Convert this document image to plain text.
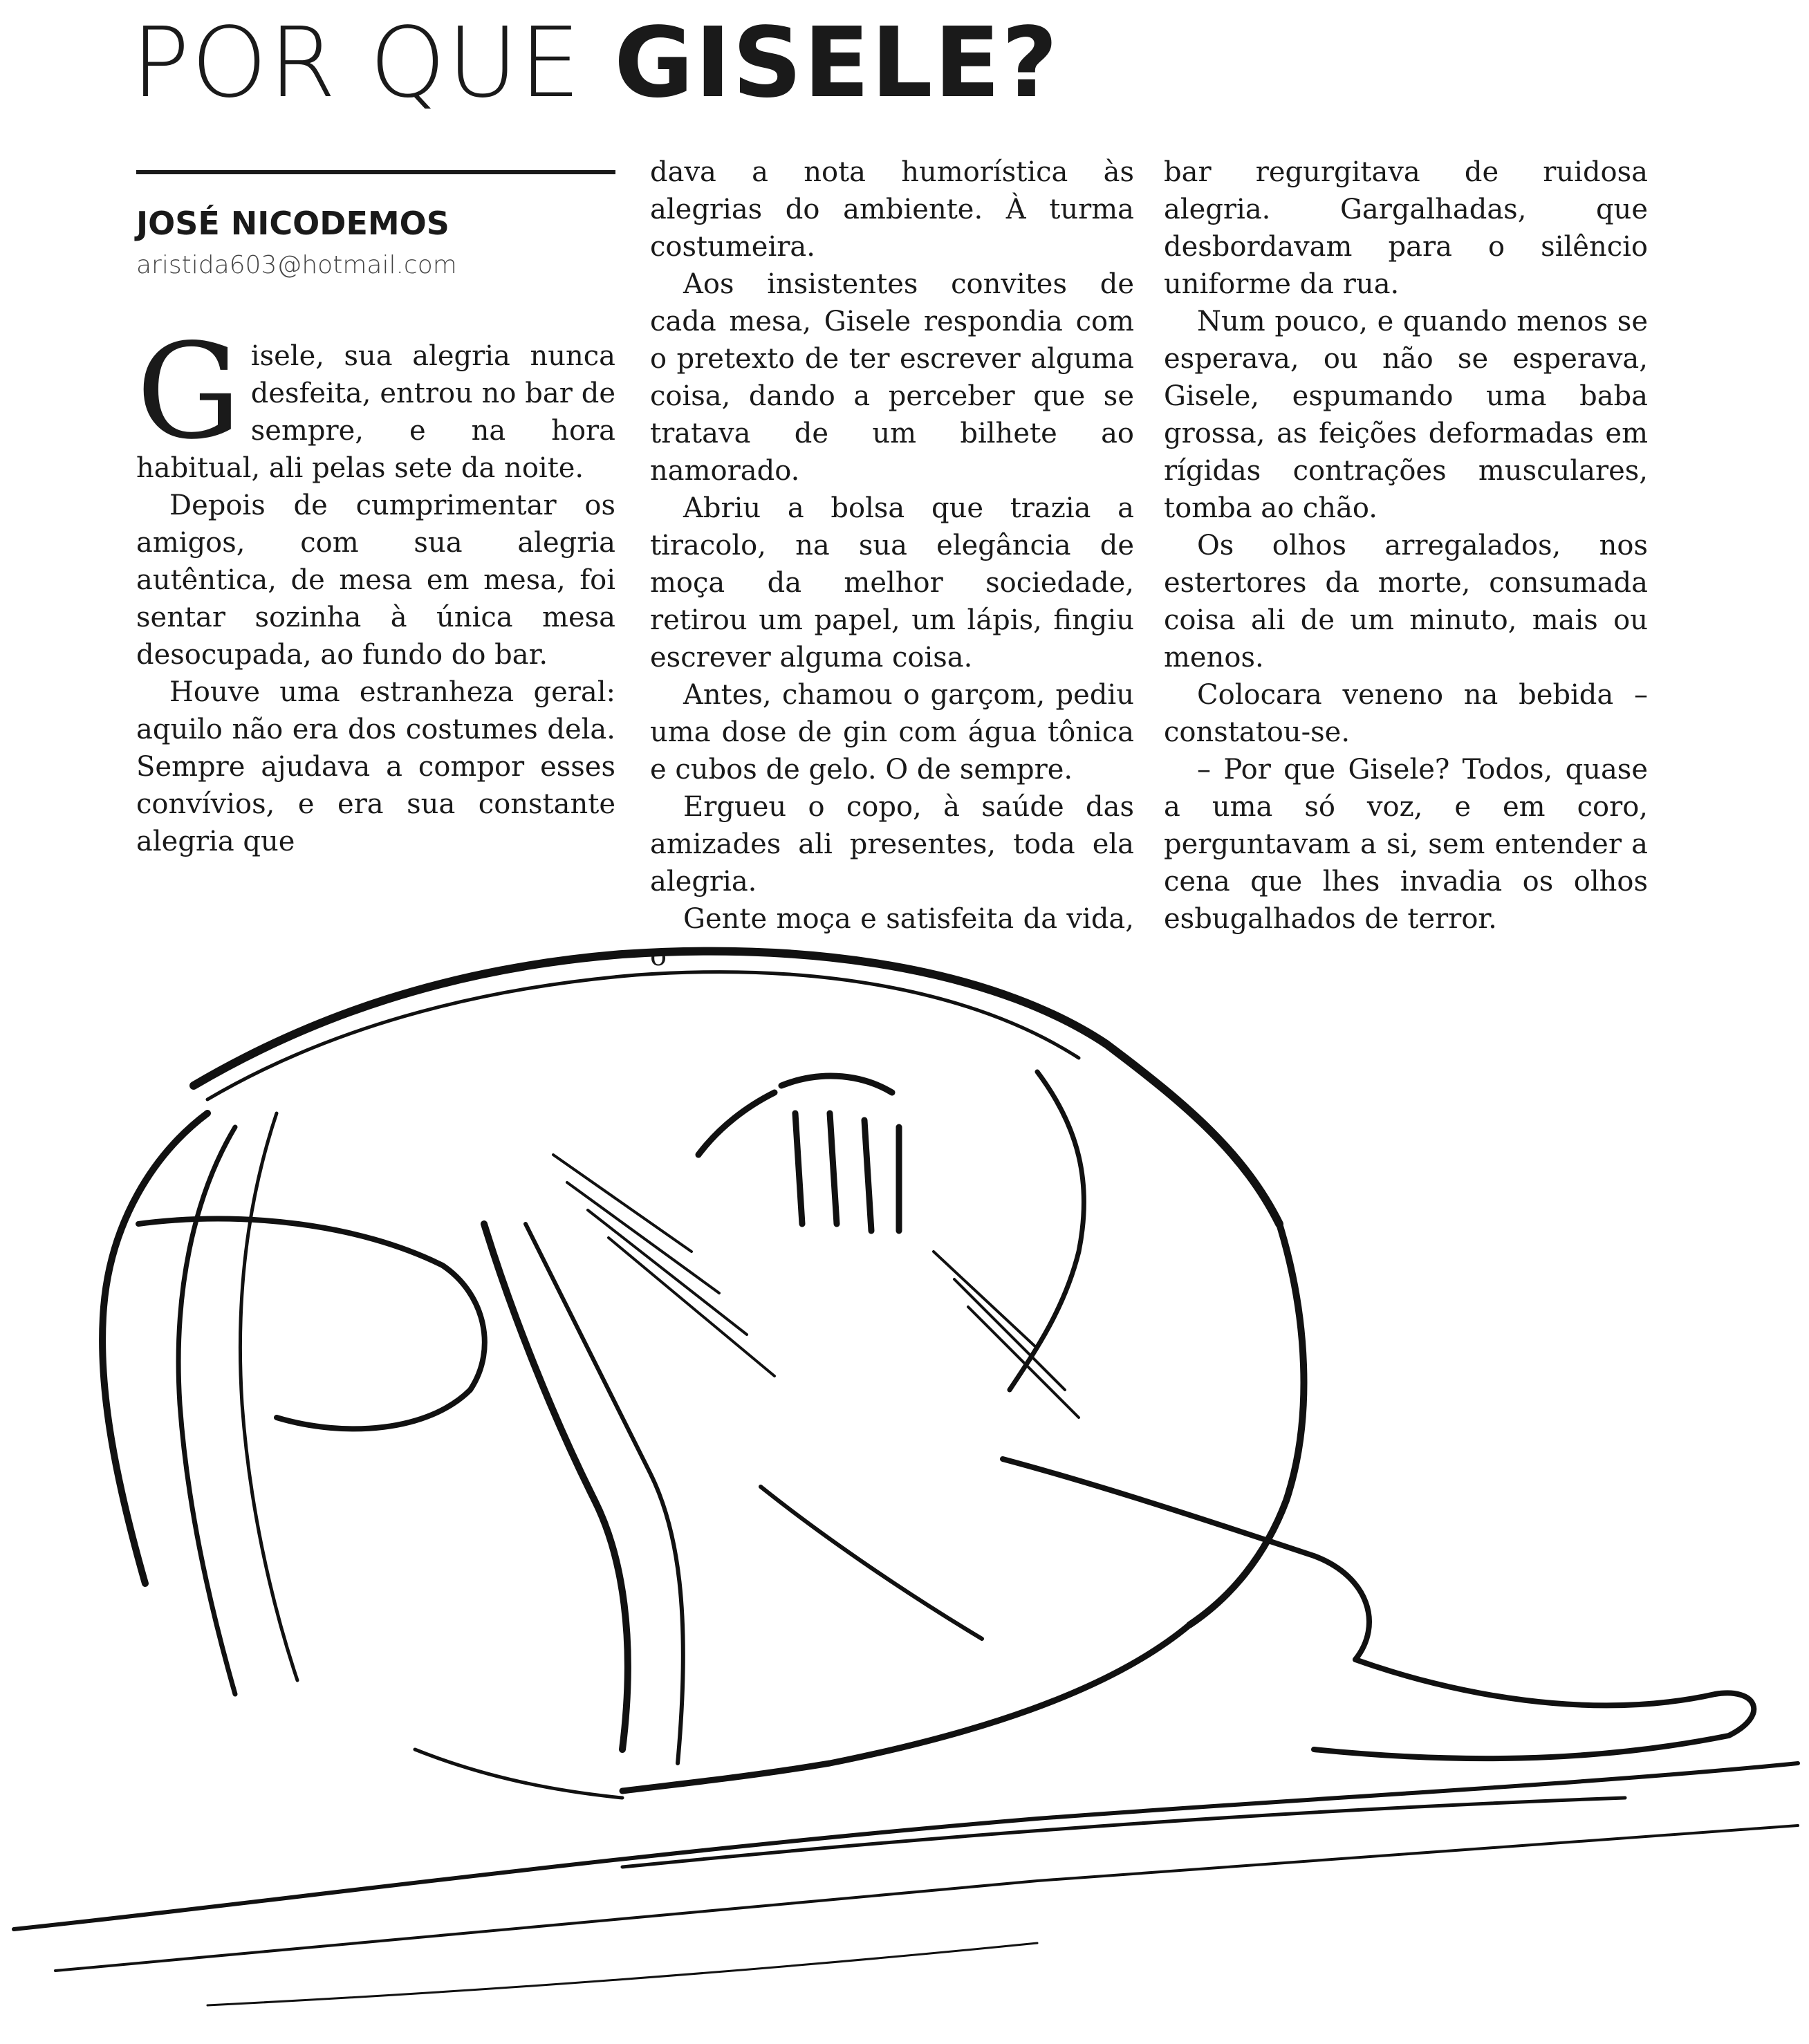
POR QUE GISELE?
JOSÉ NICODEMOS
aristida603@hotmail.com

Gisele, sua alegria nunca desfeita, entrou no bar de sempre, e na hora habitual, ali pelas sete da noite.

Depois de cumprimentar os amigos, com sua alegria autêntica, de mesa em mesa, foi sentar sozinha à única mesa desocupada, ao fundo do bar.

Houve uma estranheza geral: aquilo não era dos costumes dela. Sempre ajudava a compor esses convívios, e era sua constante alegria que

dava a nota humorística às alegrias do ambiente. À turma costumeira.

Aos insistentes convites de cada mesa, Gisele respondia com o pretexto de ter escrever alguma coisa, dando a perceber que se tratava de um bilhete ao namorado.

Abriu a bolsa que trazia a tiracolo, na sua elegância de moça da melhor sociedade, retirou um papel, um lápis, fingiu escrever alguma coisa.

Antes, chamou o garçom, pediu uma dose de gin com água tônica e cubos de gelo. O de sempre.

Ergueu o copo, à saúde das amizades ali presentes, toda ela alegria.

Gente moça e satisfeita da vida, o

bar regurgitava de ruidosa alegria. Gargalhadas, que desbordavam para o silêncio uniforme da rua.

Num pouco, e quando menos se esperava, ou não se esperava, Gisele, espumando uma baba grossa, as feições deformadas em rígidas contrações musculares, tomba ao chão.

Os olhos arregalados, nos estertores da morte, consumada coisa ali de um minuto, mais ou menos.

Colocara veneno na bebida – constatou-se.

– Por que Gisele? Todos, quase a uma só voz, e em coro, perguntavam a si, sem entender a cena que lhes invadia os olhos esbugalhados de terror.
